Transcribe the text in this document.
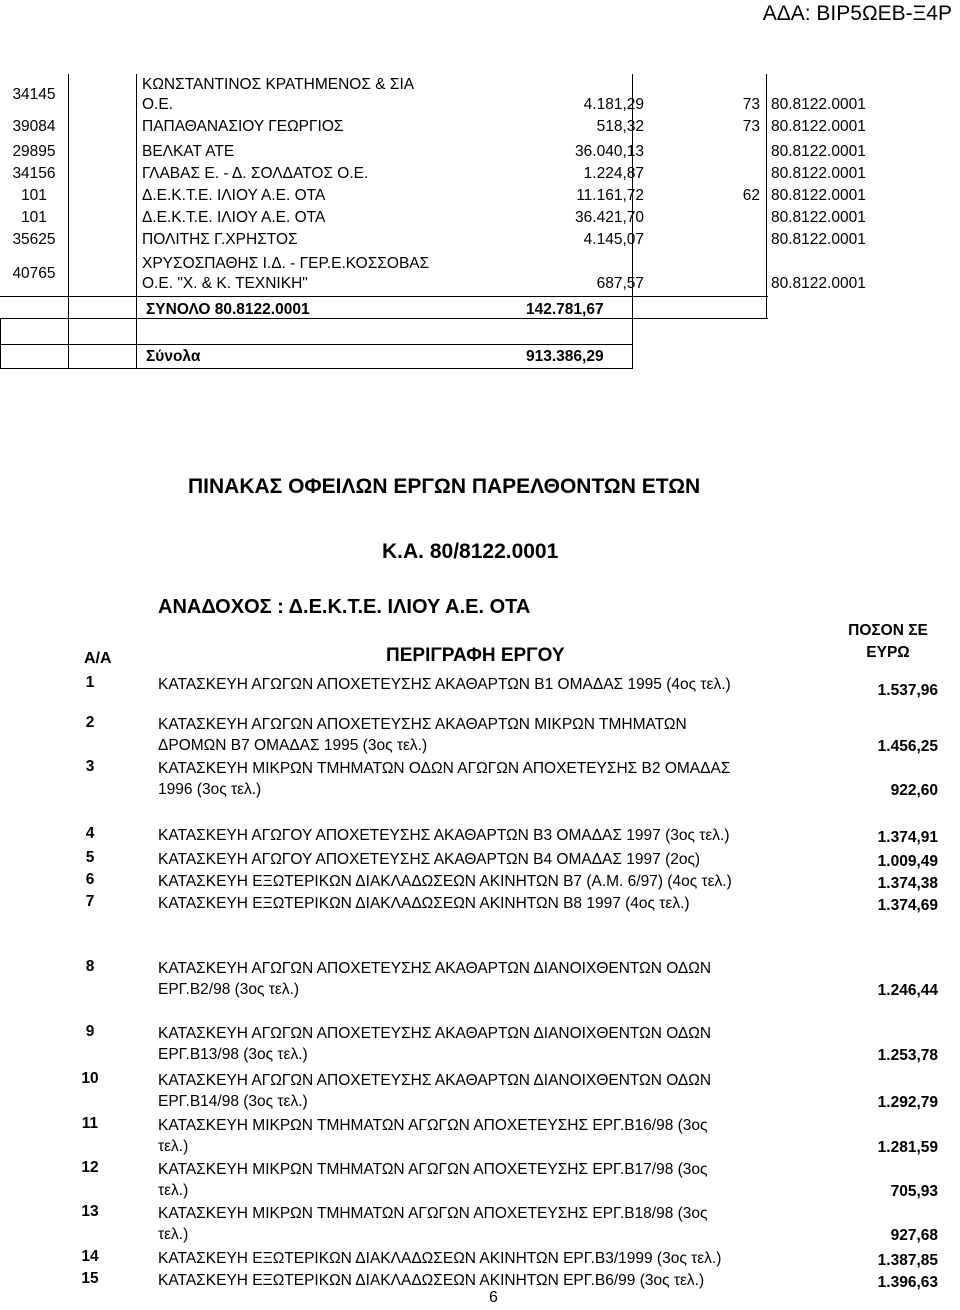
ΑΔΑ: ΒΙΡ5ΩΕΒ-Ξ4Ρ
34145
ΚΩΝΣΤΑΝΤΙΝΟΣ ΚΡΑΤΗΜΕΝΟΣ & ΣΙΑ
Ο.Ε.	4.181,29	73 80.8122.0001
39084	ΠΑΠΑΘΑΝΑΣΙΟΥ ΓΕΩΡΓΙΟΣ	518,32	73 80.8122.0001
29895	ΒΕΛΚΑΤ ΑΤΕ	36.040,13	80.8122.0001
34156	ΓΛΑΒΑΣ Ε. - Δ. ΣΟΛΔΑΤΟΣ Ο.Ε.	1.224,87	80.8122.0001
101	Δ.Ε.Κ.Τ.Ε. ΙΛΙΟΥ Α.Ε. ΟΤΑ	11.161,72	62 80.8122.0001
101	Δ.Ε.Κ.Τ.Ε. ΙΛΙΟΥ Α.Ε. ΟΤΑ	36.421,70	80.8122.0001
35625	ΠΟΛΙΤΗΣ Γ.ΧΡΗΣΤΟΣ	4.145,07	80.8122.0001
40765
ΧΡΥΣΟΣΠΑΘΗΣ Ι.Δ. - ΓΕΡ.Ε.ΚΟΣΣΟΒΑΣ
Ο.Ε. "Χ. & Κ. ΤΕΧΝΙΚΗ"	687,57	80.8122.0001
ΣΥΝΟΛΟ 80.8122.0001	142.781,67
Σύνολα	913.386,29
ΠΙΝΑΚΑΣ ΟΦΕΙΛΩΝ ΕΡΓΩΝ ΠΑΡΕΛΘΟΝΤΩΝ ΕΤΩΝ
Κ.Α. 80/8122.0001
ΑΝΑΔΟΧΟΣ : Δ.Ε.Κ.Τ.Ε. ΙΛΙΟΥ Α.Ε. ΟΤΑ
Α/Α	ΠΕΡΙΓΡΑΦΗ ΕΡΓΟΥ
ΠΟΣΟΝ ΣΕ
ΕΥΡΩ
1	ΚΑΤΑΣΚΕΥΗ ΑΓΩΓΩΝ ΑΠΟΧΕΤΕΥΣΗΣ ΑΚΑΘΑΡΤΩΝ Β1 ΟΜΑΔΑΣ 1995 (4ος τελ.)	1.537,96
2	ΚΑΤΑΣΚΕΥΗ ΑΓΩΓΩΝ ΑΠΟΧΕΤΕΥΣΗΣ ΑΚΑΘΑΡΤΩΝ ΜΙΚΡΩΝ ΤΜΗΜΑΤΩΝ
ΔΡΟΜΩΝ Β7 ΟΜΑΔΑΣ 1995 (3ος τελ.)	1.456,25
3	ΚΑΤΑΣΚΕΥΗ ΜΙΚΡΩΝ ΤΜΗΜΑΤΩΝ ΟΔΩΝ ΑΓΩΓΩΝ ΑΠΟΧΕΤΕΥΣΗΣ Β2 ΟΜΑΔΑΣ
1996 (3ος τελ.)	922,60
4	ΚΑΤΑΣΚΕΥΗ ΑΓΩΓΟΥ ΑΠΟΧΕΤΕΥΣΗΣ ΑΚΑΘΑΡΤΩΝ Β3 ΟΜΑΔΑΣ 1997 (3ος τελ.)	1.374,91
5	ΚΑΤΑΣΚΕΥΗ ΑΓΩΓΟΥ ΑΠΟΧΕΤΕΥΣΗΣ ΑΚΑΘΑΡΤΩΝ Β4 ΟΜΑΔΑΣ 1997 (2ος)	1.009,49
6	ΚΑΤΑΣΚΕΥΗ ΕΞΩΤΕΡΙΚΩΝ ΔΙΑΚΛΑΔΩΣΕΩΝ ΑΚΙΝΗΤΩΝ Β7 (Α.Μ. 6/97) (4ος τελ.)	1.374,38
7	ΚΑΤΑΣΚΕΥΗ ΕΞΩΤΕΡΙΚΩΝ ΔΙΑΚΛΑΔΩΣΕΩΝ ΑΚΙΝΗΤΩΝ Β8 1997 (4ος τελ.)	1.374,69
8	ΚΑΤΑΣΚΕΥΗ ΑΓΩΓΩΝ ΑΠΟΧΕΤΕΥΣΗΣ ΑΚΑΘΑΡΤΩΝ ΔΙΑΝΟΙΧΘΕΝΤΩΝ ΟΔΩΝ
ΕΡΓ.Β2/98 (3ος τελ.)	1.246,44
9	ΚΑΤΑΣΚΕΥΗ ΑΓΩΓΩΝ ΑΠΟΧΕΤΕΥΣΗΣ ΑΚΑΘΑΡΤΩΝ ΔΙΑΝΟΙΧΘΕΝΤΩΝ ΟΔΩΝ
ΕΡΓ.Β13/98 (3ος τελ.)	1.253,78
10	ΚΑΤΑΣΚΕΥΗ ΑΓΩΓΩΝ ΑΠΟΧΕΤΕΥΣΗΣ ΑΚΑΘΑΡΤΩΝ ΔΙΑΝΟΙΧΘΕΝΤΩΝ ΟΔΩΝ
ΕΡΓ.Β14/98 (3ος τελ.)	1.292,79
11	ΚΑΤΑΣΚΕΥΗ ΜΙΚΡΩΝ ΤΜΗΜΑΤΩΝ ΑΓΩΓΩΝ ΑΠΟΧΕΤΕΥΣΗΣ ΕΡΓ.Β16/98 (3ος
τελ.)	1.281,59
12	ΚΑΤΑΣΚΕΥΗ ΜΙΚΡΩΝ ΤΜΗΜΑΤΩΝ ΑΓΩΓΩΝ ΑΠΟΧΕΤΕΥΣΗΣ ΕΡΓ.Β17/98 (3ος
τελ.)	705,93
13	ΚΑΤΑΣΚΕΥΗ ΜΙΚΡΩΝ ΤΜΗΜΑΤΩΝ ΑΓΩΓΩΝ ΑΠΟΧΕΤΕΥΣΗΣ ΕΡΓ.Β18/98 (3ος
τελ.)	927,68
14	ΚΑΤΑΣΚΕΥΗ ΕΞΩΤΕΡΙΚΩΝ ΔΙΑΚΛΑΔΩΣΕΩΝ ΑΚΙΝΗΤΩΝ ΕΡΓ.Β3/1999 (3ος τελ.)	1.387,85
15	ΚΑΤΑΣΚΕΥΗ ΕΞΩΤΕΡΙΚΩΝ ΔΙΑΚΛΑΔΩΣΕΩΝ ΑΚΙΝΗΤΩΝ ΕΡΓ.Β6/99 (3ος τελ.)	1.396,63
6
